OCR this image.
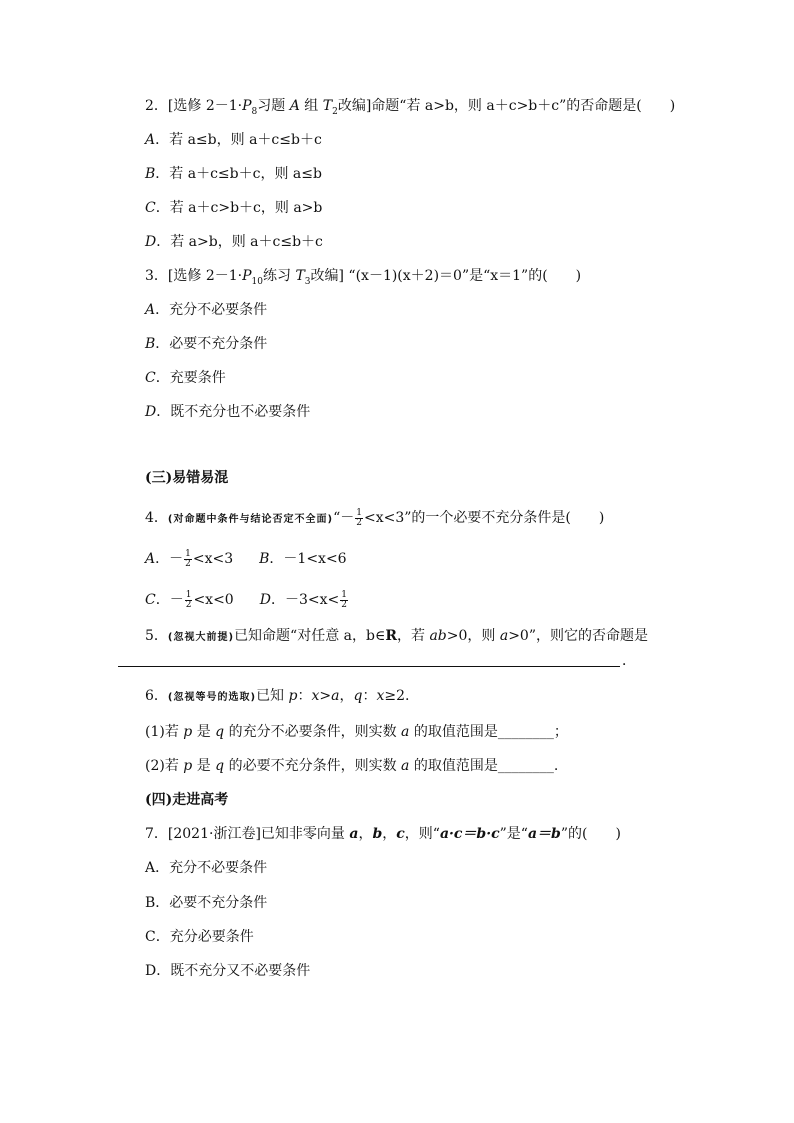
2．[选修 $2-1\cdot P_8$习题 A 组 $T_2$改编]命题“若 a>b，则 a＋c>b＋c”的否命题是(　　)
A．若 a≤b，则 a＋c≤b＋c
B．若 a＋c≤b＋c，则 a≤b
C．若 a＋c>b＋c，则 a>b
D．若 a>b，则 a＋c≤b＋c
3．[选修 $2-1\cdot P_{10}$练习 $T_3$改编] “(x－1)(x＋2)＝0”是“x＝1”的(　　)
A．充分不必要条件
B．必要不充分条件
C．充要条件
D．既不充分也不必要条件
(三)易错易混
4．(对命题中条件与结论否定不全面)“－ $\frac{1}{2} <x<3$”的一个必要不充分条件是(　　)
A．－ $\frac{1}{2} <x<3$ B．－1<x<6
C．－ $\frac{1}{2} <x<0$ D．$-3<x< \frac{1}{2}$
5．(忽视大前提)已知命题“对任意 a，b∈R，若 ab>0，则 a>0”，则它的否命题是
．
6．(忽视等号的选取)已知 p：x>a，q：x≥2.
(1)若 p 是 q 的充分不必要条件，则实数 a 的取值范围是________；
(2)若 p 是 q 的必要不充分条件，则实数 a 的取值范围是________.
(四)走进高考
7．[2021·浙江卷]已知非零向量 a，b，c，则“a·c＝b·c”是“a＝b”的(　　)
A．充分不必要条件
B．必要不充分条件
C．充分必要条件
D．既不充分又不必要条件
